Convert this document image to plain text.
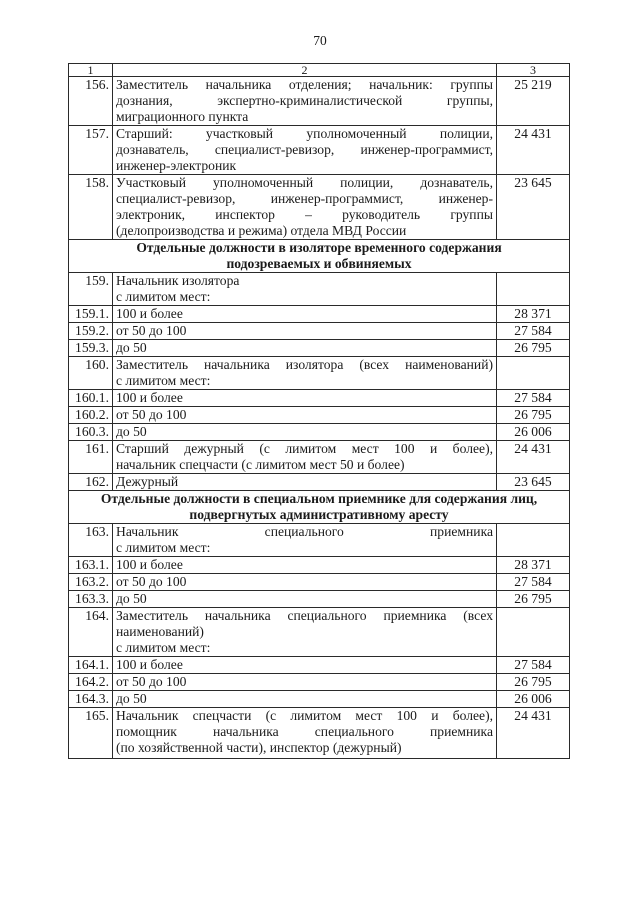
70
1	2	3
156.	Заместитель начальника отделения; начальник: группы
дознания, экспертно-криминалистической группы,
миграционного пункта	25 219
157.	Старший: участковый уполномоченный полиции,
дознаватель, специалист-ревизор, инженер-программист,
инженер-электроник	24 431
158.	Участковый уполномоченный полиции, дознаватель,
специалист-ревизор, инженер-программист, инженер-
электроник, инспектор – руководитель группы
(делопроизводства и режима) отдела МВД России	23 645

Отдельные должности в изоляторе временного содержания
подозреваемых и обвиняемых		

159.	Начальник изолятора
с лимитом мест:	

159.1.	100 и более	28 371
159.2.	от 50 до 100	27 584
159.3.	до 50	26 795
160.	Заместитель начальника изолятора (всех наименований)
с лимитом мест:	

160.1.	100 и более	27 584
160.2.	от 50 до 100	26 795
160.3.	до 50	26 006
161.	Старший дежурный (с лимитом мест 100 и более),
начальник спецчасти (с лимитом мест 50 и более)	24 431
162.	Дежурный	23 645

Отдельные должности в специальном приемнике для содержания лиц,
подвергнутых административному аресту		

163.	Начальник специального приемника
с лимитом мест:	

163.1.	100 и более	28 371
163.2.	от 50 до 100	27 584
163.3.	до 50	26 795
164.	Заместитель начальника специального приемника (всех
наименований)
с лимитом мест:	

164.1.	100 и более	27 584
164.2.	от 50 до 100	26 795
164.3.	до 50	26 006
165.	Начальник спецчасти (с лимитом мест 100 и более),
помощник начальника специального приемника
(по хозяйственной части), инспектор (дежурный)	24 431
